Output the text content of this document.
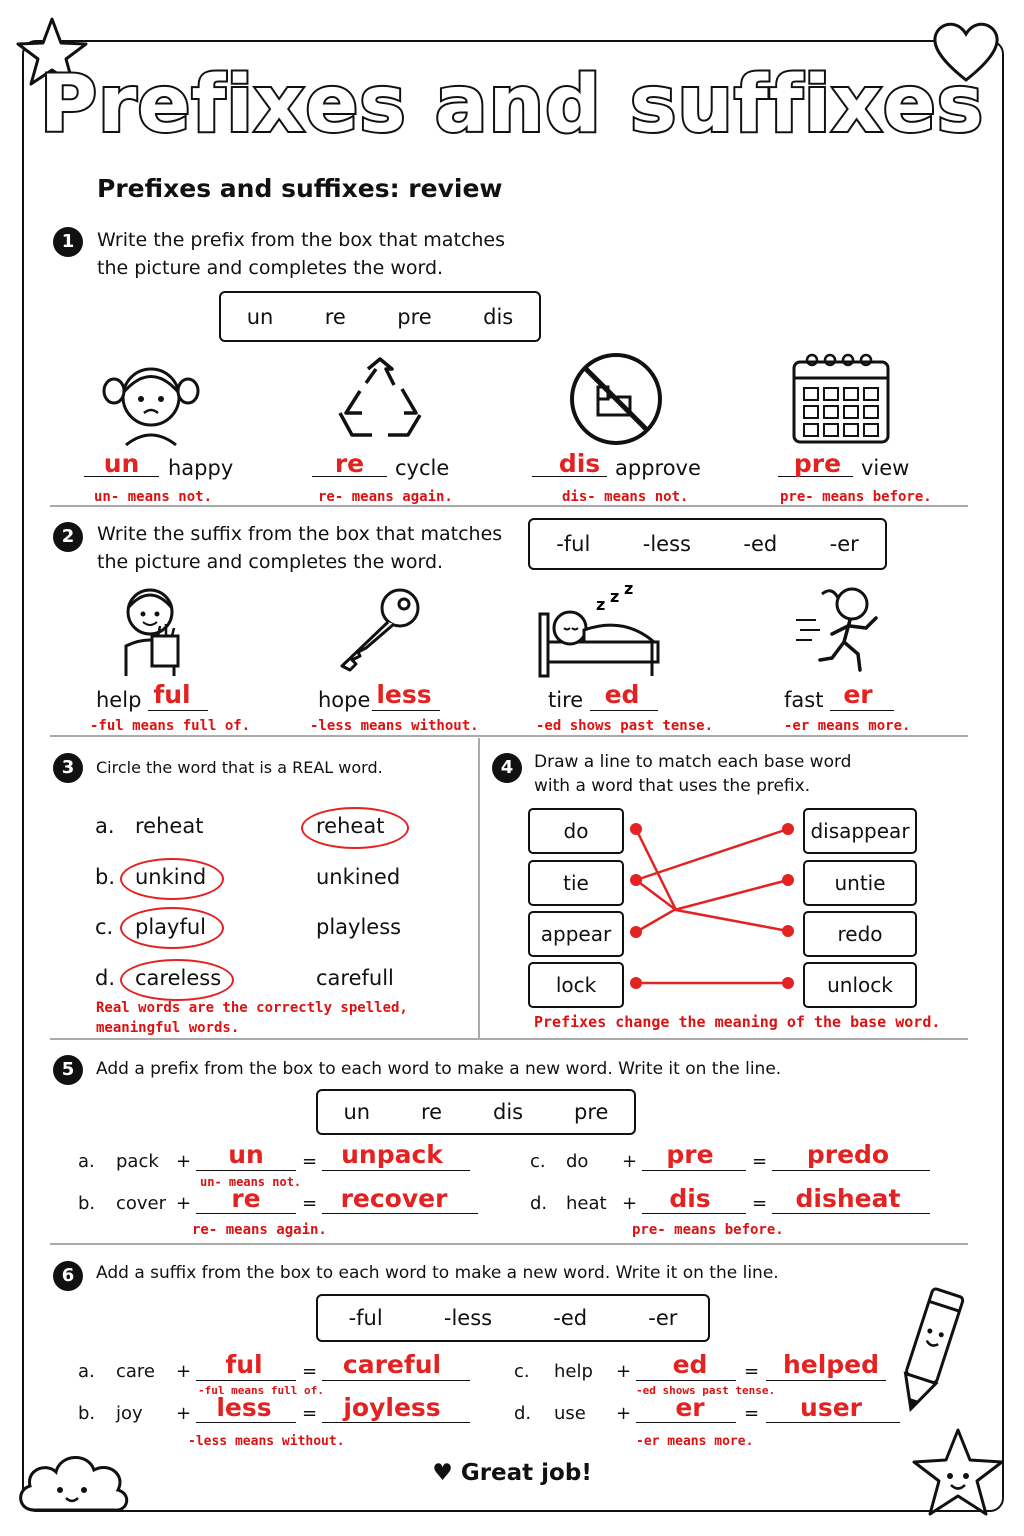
Prefixes and suffixes
Prefixes and suffixes: review
1	Write the prefix from the box that matches
the picture and completes the word.
un re pre dis
un	happy
un- means not.
re	cycle
re- means again.
dis approve
dis- means not.
pre view
pre- means before.
2	Write the suffix from the box that matches
the picture and completes the word.
-ful -less -ed -er
z z z
help ful
-ful means full of.
hope less
-less means without.
tire ed
-ed shows past tense.
fast er
-er means more.
3	Circle the word that is a REAL word.
a. reheat	reheat
b. unkind	unkined
c. playful	playless
d. careless	carefull
Real words are the correctly spelled,
meaningful words.
4	Draw a line to match each base word
with a word that uses the prefix.
do
tie
appear
lock
disappear
untie
redo
unlock
Prefixes change the meaning of the base word.
5	Add a prefix from the box to each word to make a new word. Write it on the line.
un re dis pre
a. pack +	un	= unpack
un- means not.
b. cover +	re	= recover
re- means again.
c. do +	pre	=	predo
d. heat +	dis	=	disheat
pre- means before.
6	Add a suffix from the box to each word to make a new word. Write it on the line.
-ful	-less	-ed	-er
a. care +	ful	=	careful
-ful means full of.
b. joy +	less	=	joyless
-less means without.
c. help +	ed	= helped
-ed shows past tense.
d. use +	er	=	user
-er means more.
♥ Great job!
